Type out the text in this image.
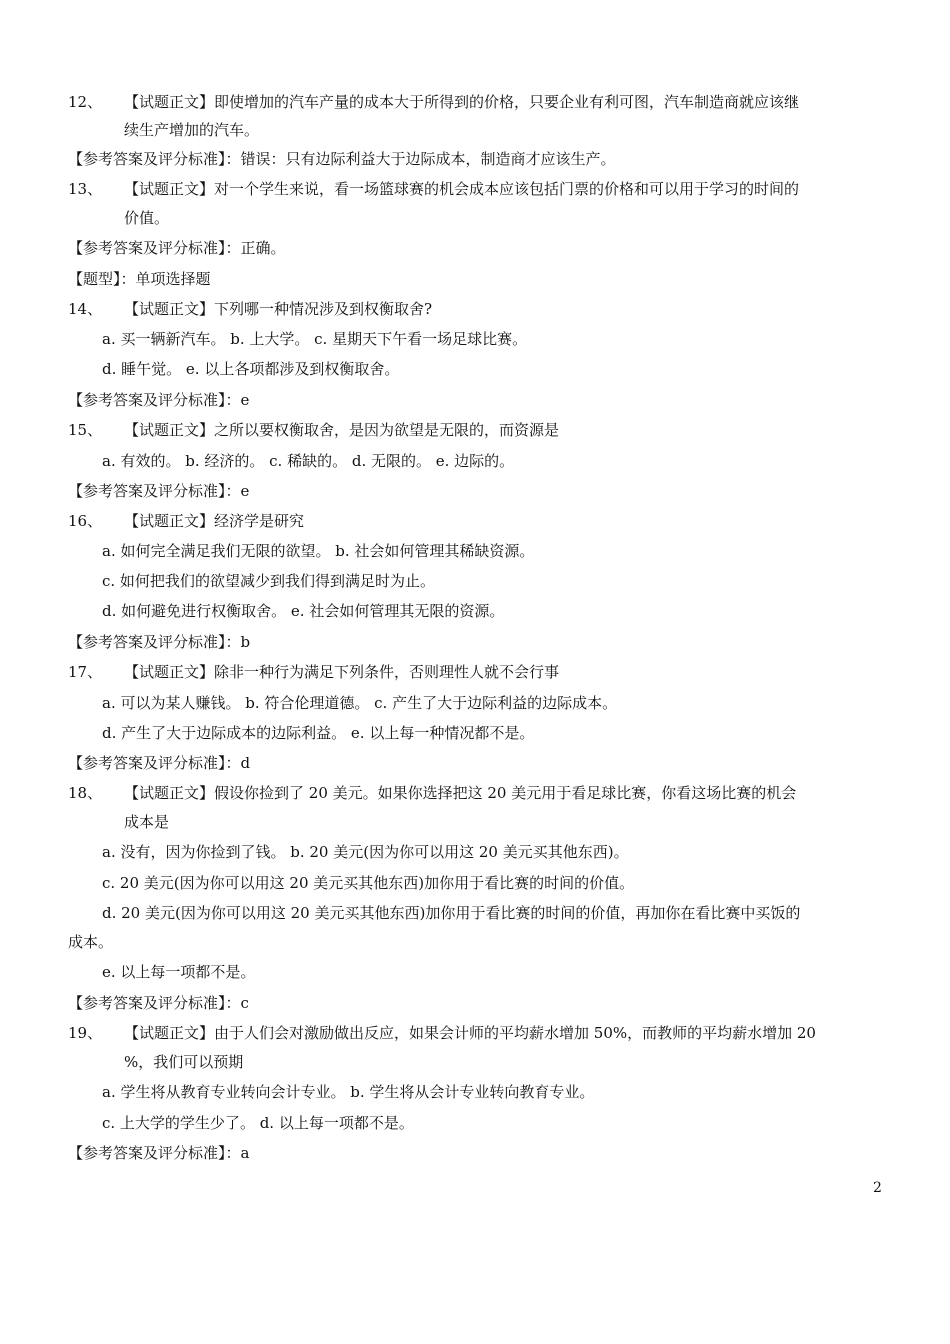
12、 【试题正文】即使增加的汽车产量的成本大于所得到的价格，只要企业有利可图，汽车制造商就应该继
续生产增加的汽车。
【参考答案及评分标准】：错误：只有边际利益大于边际成本，制造商才应该生产。
13、 【试题正文】对一个学生来说，看一场篮球赛的机会成本应该包括门票的价格和可以用于学习的时间的
价值。
【参考答案及评分标准】：正确。
【题型】：单项选择题
14、 【试题正文】下列哪一种情况涉及到权衡取舍?
a. 买一辆新汽车。 b. 上大学。 c. 星期天下午看一场足球比赛。
d. 睡午觉。 e. 以上各项都涉及到权衡取舍。
【参考答案及评分标准】：e
15、 【试题正文】之所以要权衡取舍，是因为欲望是无限的，而资源是
a. 有效的。 b. 经济的。 c. 稀缺的。 d. 无限的。 e. 边际的。
【参考答案及评分标准】：e
16、 【试题正文】经济学是研究
a. 如何完全满足我们无限的欲望。 b. 社会如何管理其稀缺资源。
c. 如何把我们的欲望减少到我们得到满足时为止。
d. 如何避免进行权衡取舍。 e. 社会如何管理其无限的资源。
【参考答案及评分标准】：b
17、 【试题正文】除非一种行为满足下列条件，否则理性人就不会行事
a. 可以为某人赚钱。 b. 符合伦理道德。 c. 产生了大于边际利益的边际成本。
d. 产生了大于边际成本的边际利益。 e. 以上每一种情况都不是。
【参考答案及评分标准】：d
18、 【试题正文】假设你捡到了 20 美元。如果你选择把这 20 美元用于看足球比赛，你看这场比赛的机会
成本是
a. 没有，因为你捡到了钱。 b. 20 美元(因为你可以用这 20 美元买其他东西)。
c. 20 美元(因为你可以用这 20 美元买其他东西)加你用于看比赛的时间的价值。
d. 20 美元(因为你可以用这 20 美元买其他东西)加你用于看比赛的时间的价值，再加你在看比赛中买饭的
成本。
e. 以上每一项都不是。
【参考答案及评分标准】：c
19、 【试题正文】由于人们会对激励做出反应，如果会计师的平均薪水增加 50%，而教师的平均薪水增加 20
%，我们可以预期
a. 学生将从教育专业转向会计专业。 b. 学生将从会计专业转向教育专业。
c. 上大学的学生少了。 d. 以上每一项都不是。
【参考答案及评分标准】：a
2
